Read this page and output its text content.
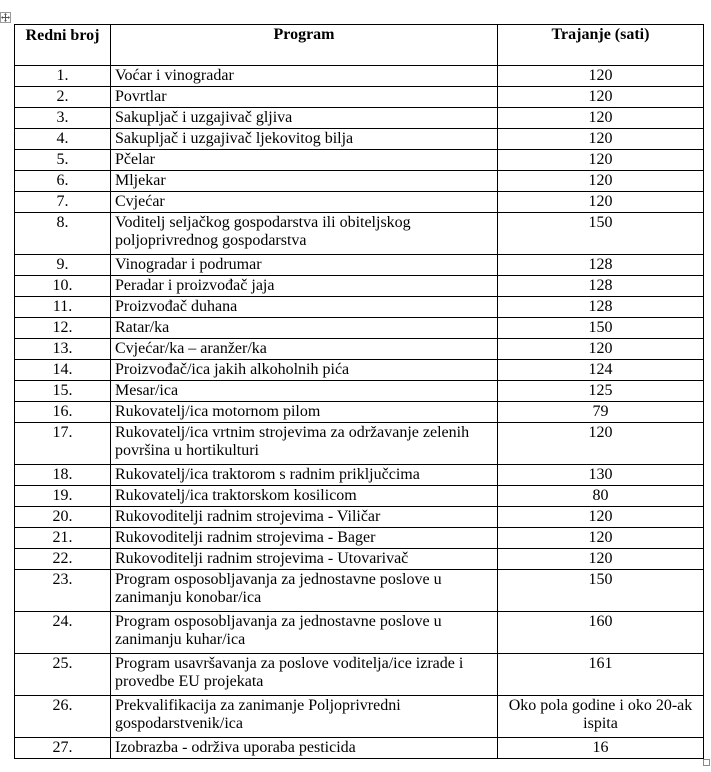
Redni broj	Program	Trajanje (sati)
1.	Voćar i vinogradar	120
2.	Povrtlar	120
3.	Sakupljač i uzgajivač gljiva	120
4.	Sakupljač i uzgajivač ljekovitog bilja	120
5.	Pčelar	120
6.	Mljekar	120
7.	Cvjećar	120
8.	Voditelj seljačkog gospodarstva ili obiteljskog poljoprivrednog gospodarstva	150
9.	Vinogradar i podrumar	128
10.	Peradar i proizvođač jaja	128
11.	Proizvođač duhana	128
12.	Ratar/ka	150
13.	Cvjećar/ka – aranžer/ka	120
14.	Proizvođač/ica jakih alkoholnih pića	124
15.	Mesar/ica	125
16.	Rukovatelj/ica motornom pilom	79
17.	Rukovatelj/ica vrtnim strojevima za održavanje zelenih površina u hortikulturi	120
18.	Rukovatelj/ica traktorom s radnim priključcima	130
19.	Rukovatelj/ica traktorskom kosilicom	80
20.	Rukovoditelji radnim strojevima - Viličar	120
21.	Rukovoditelji radnim strojevima - Bager	120
22.	Rukovoditelji radnim strojevima - Utovarivač	120
23.	Program osposobljavanja za jednostavne poslove u zanimanju konobar/ica	150
24.	Program osposobljavanja za jednostavne poslove u zanimanju kuhar/ica	160
25.	Program usavršavanja za poslove voditelja/ice izrade i provedbe EU projekata	161
26.	Prekvalifikacija za zanimanje Poljoprivredni gospodarstvenik/ica	Oko pola godine i oko 20-ak ispita
27.	Izobrazba - održiva uporaba pesticida	16
